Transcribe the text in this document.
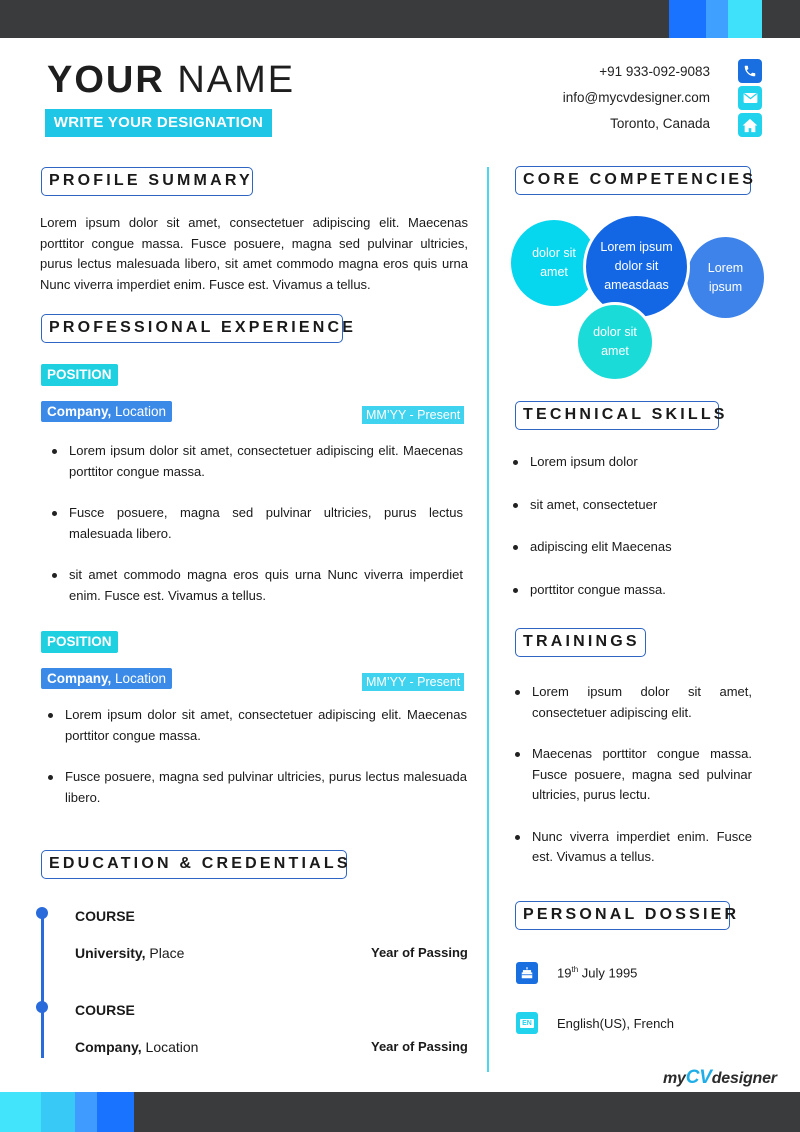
YOUR NAME
WRITE YOUR DESIGNATION
+91 933-092-9083
info@mycvdesigner.com
Toronto, Canada
PROFILE SUMMARY
Lorem ipsum dolor sit amet, consectetuer adipiscing elit. Maecenas porttitor congue massa. Fusce posuere, magna sed pulvinar ultricies, purus lectus malesuada libero, sit amet commodo magna eros quis urna Nunc viverra imperdiet enim. Fusce est. Vivamus a tellus.
PROFESSIONAL EXPERIENCE
POSITION
Company, Location	MM’YY - Present
Lorem ipsum dolor sit amet, consectetuer adipiscing elit. Maecenas porttitor congue massa.
Fusce posuere, magna sed pulvinar ultricies, purus lectus malesuada libero.
sit amet commodo magna eros quis urna Nunc viverra imperdiet enim. Fusce est. Vivamus a tellus.
POSITION
Company, Location	MM’YY - Present
Lorem ipsum dolor sit amet, consectetuer adipiscing elit. Maecenas porttitor congue massa.
Fusce posuere, magna sed pulvinar ultricies, purus lectus malesuada libero.
EDUCATION & CREDENTIALS
COURSE
University, Place	Year of Passing
COURSE
Company, Location	Year of Passing
CORE COMPETENCIES
dolor sit amet	Lorem ipsum
Lorem ipsum dolor sit ameasdaas
dolor sit amet
TECHNICAL SKILLS
Lorem ipsum dolor
sit amet, consectetuer
adipiscing elit Maecenas
porttitor congue massa.
TRAININGS
Lorem ipsum dolor sit amet, consectetuer adipiscing elit.
Maecenas porttitor congue massa. Fusce posuere, magna sed pulvinar ultricies, purus lectu.
Nunc viverra imperdiet enim. Fusce est. Vivamus a tellus.
PERSONAL DOSSIER
19th July 1995
EN English(US), French
myCVdesigner
